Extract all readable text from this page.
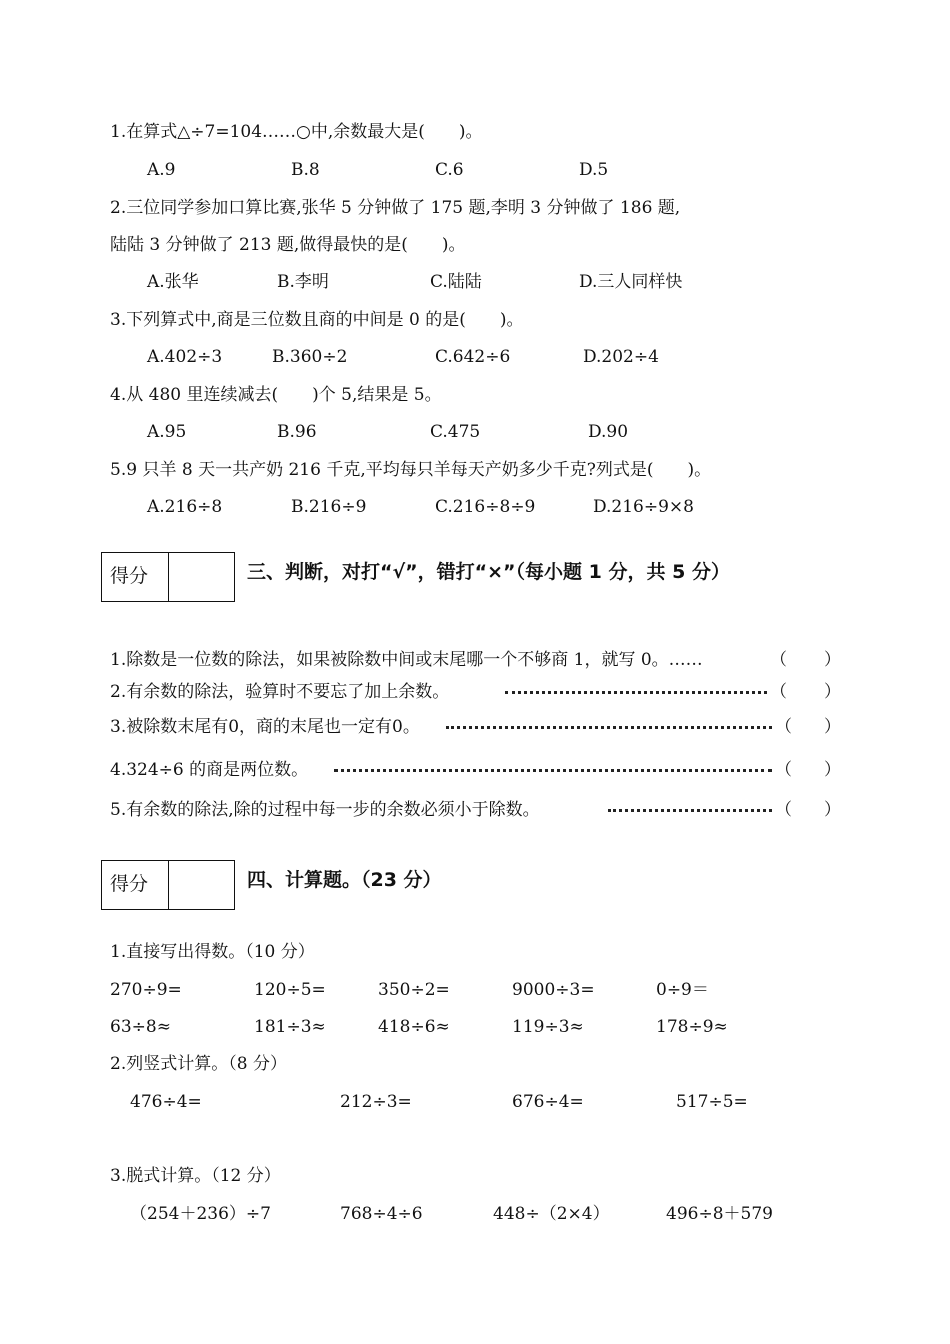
1.在算式△÷7=104……○中,余数最大是(　　)。
A.9	B.8	C.6	D.5
2.三位同学参加口算比赛,张华 5 分钟做了 175 题,李明 3 分钟做了 186 题,
陆陆 3 分钟做了 213 题,做得最快的是(　　)。
A.张华	B.李明	C.陆陆	D.三人同样快
3.下列算式中,商是三位数且商的中间是 0 的是(　　)。
A.402÷3	B.360÷2	C.642÷6	D.202÷4
4.从 480 里连续减去(　　)个 5,结果是 5。
A.95	B.96	C.475	D.90
5.9 只羊 8 天一共产奶 216 千克,平均每只羊每天产奶多少千克?列式是(　　)。
A.216÷8	B.216÷9	C.216÷8÷9	D.216÷9×8
得分	三、判断，对打“√”，错打“×”（每小题 1 分，共 5 分）
1.除数是一位数的除法，如果被除数中间或末尾哪一个不够商 1，就写 0。……	（ ）
2.有余数的除法，验算时不要忘了加上余数。	（ ）
3.被除数末尾有0，商的末尾也一定有0。	（ ）
4.324÷6 的商是两位数。	（ ）
5.有余数的除法,除的过程中每一步的余数必须小于除数。	（ ）
得分	四、计算题。（23 分）
1.直接写出得数。（10 分）
270÷9=	120÷5=	350÷2=	9000÷3=	0÷9＝
63÷8≈	181÷3≈	418÷6≈	119÷3≈	178÷9≈
2.列竖式计算。（8 分）
476÷4=	212÷3=	676÷4=	517÷5=
3.脱式计算。（12 分）
（254＋236）÷7	768÷4÷6	448÷（2×4）	496÷8＋579
